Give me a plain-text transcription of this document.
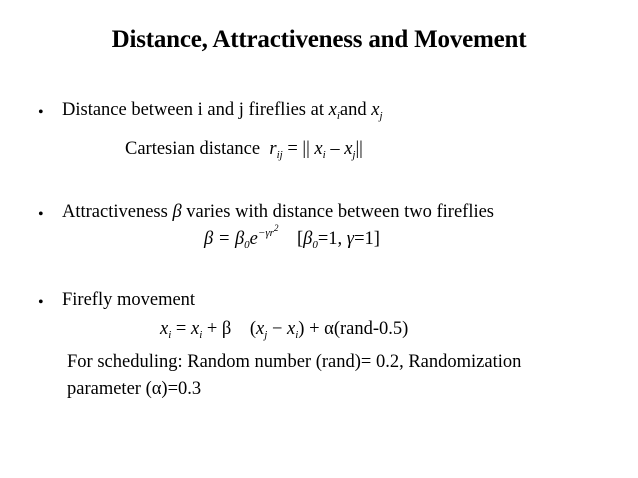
Distance, Attractiveness and Movement
• Distance between i and j fireflies at $x_iand$ $x_j$
Cartesian distance $r_{ij}$ = || $x_i - x_j||$
• Attractiveness β varies with distance between two fireflies
$\beta = \beta_0e^{-\gamma r^2}$    [$\beta_0=1$, γ=1]
• Firefly movement
$x_i = x_i + \beta$ $(x_j - x_i)$ + α(rand-0.5)
For scheduling: Random number (rand)= 0.2, Randomization
parameter (α)=0.3
